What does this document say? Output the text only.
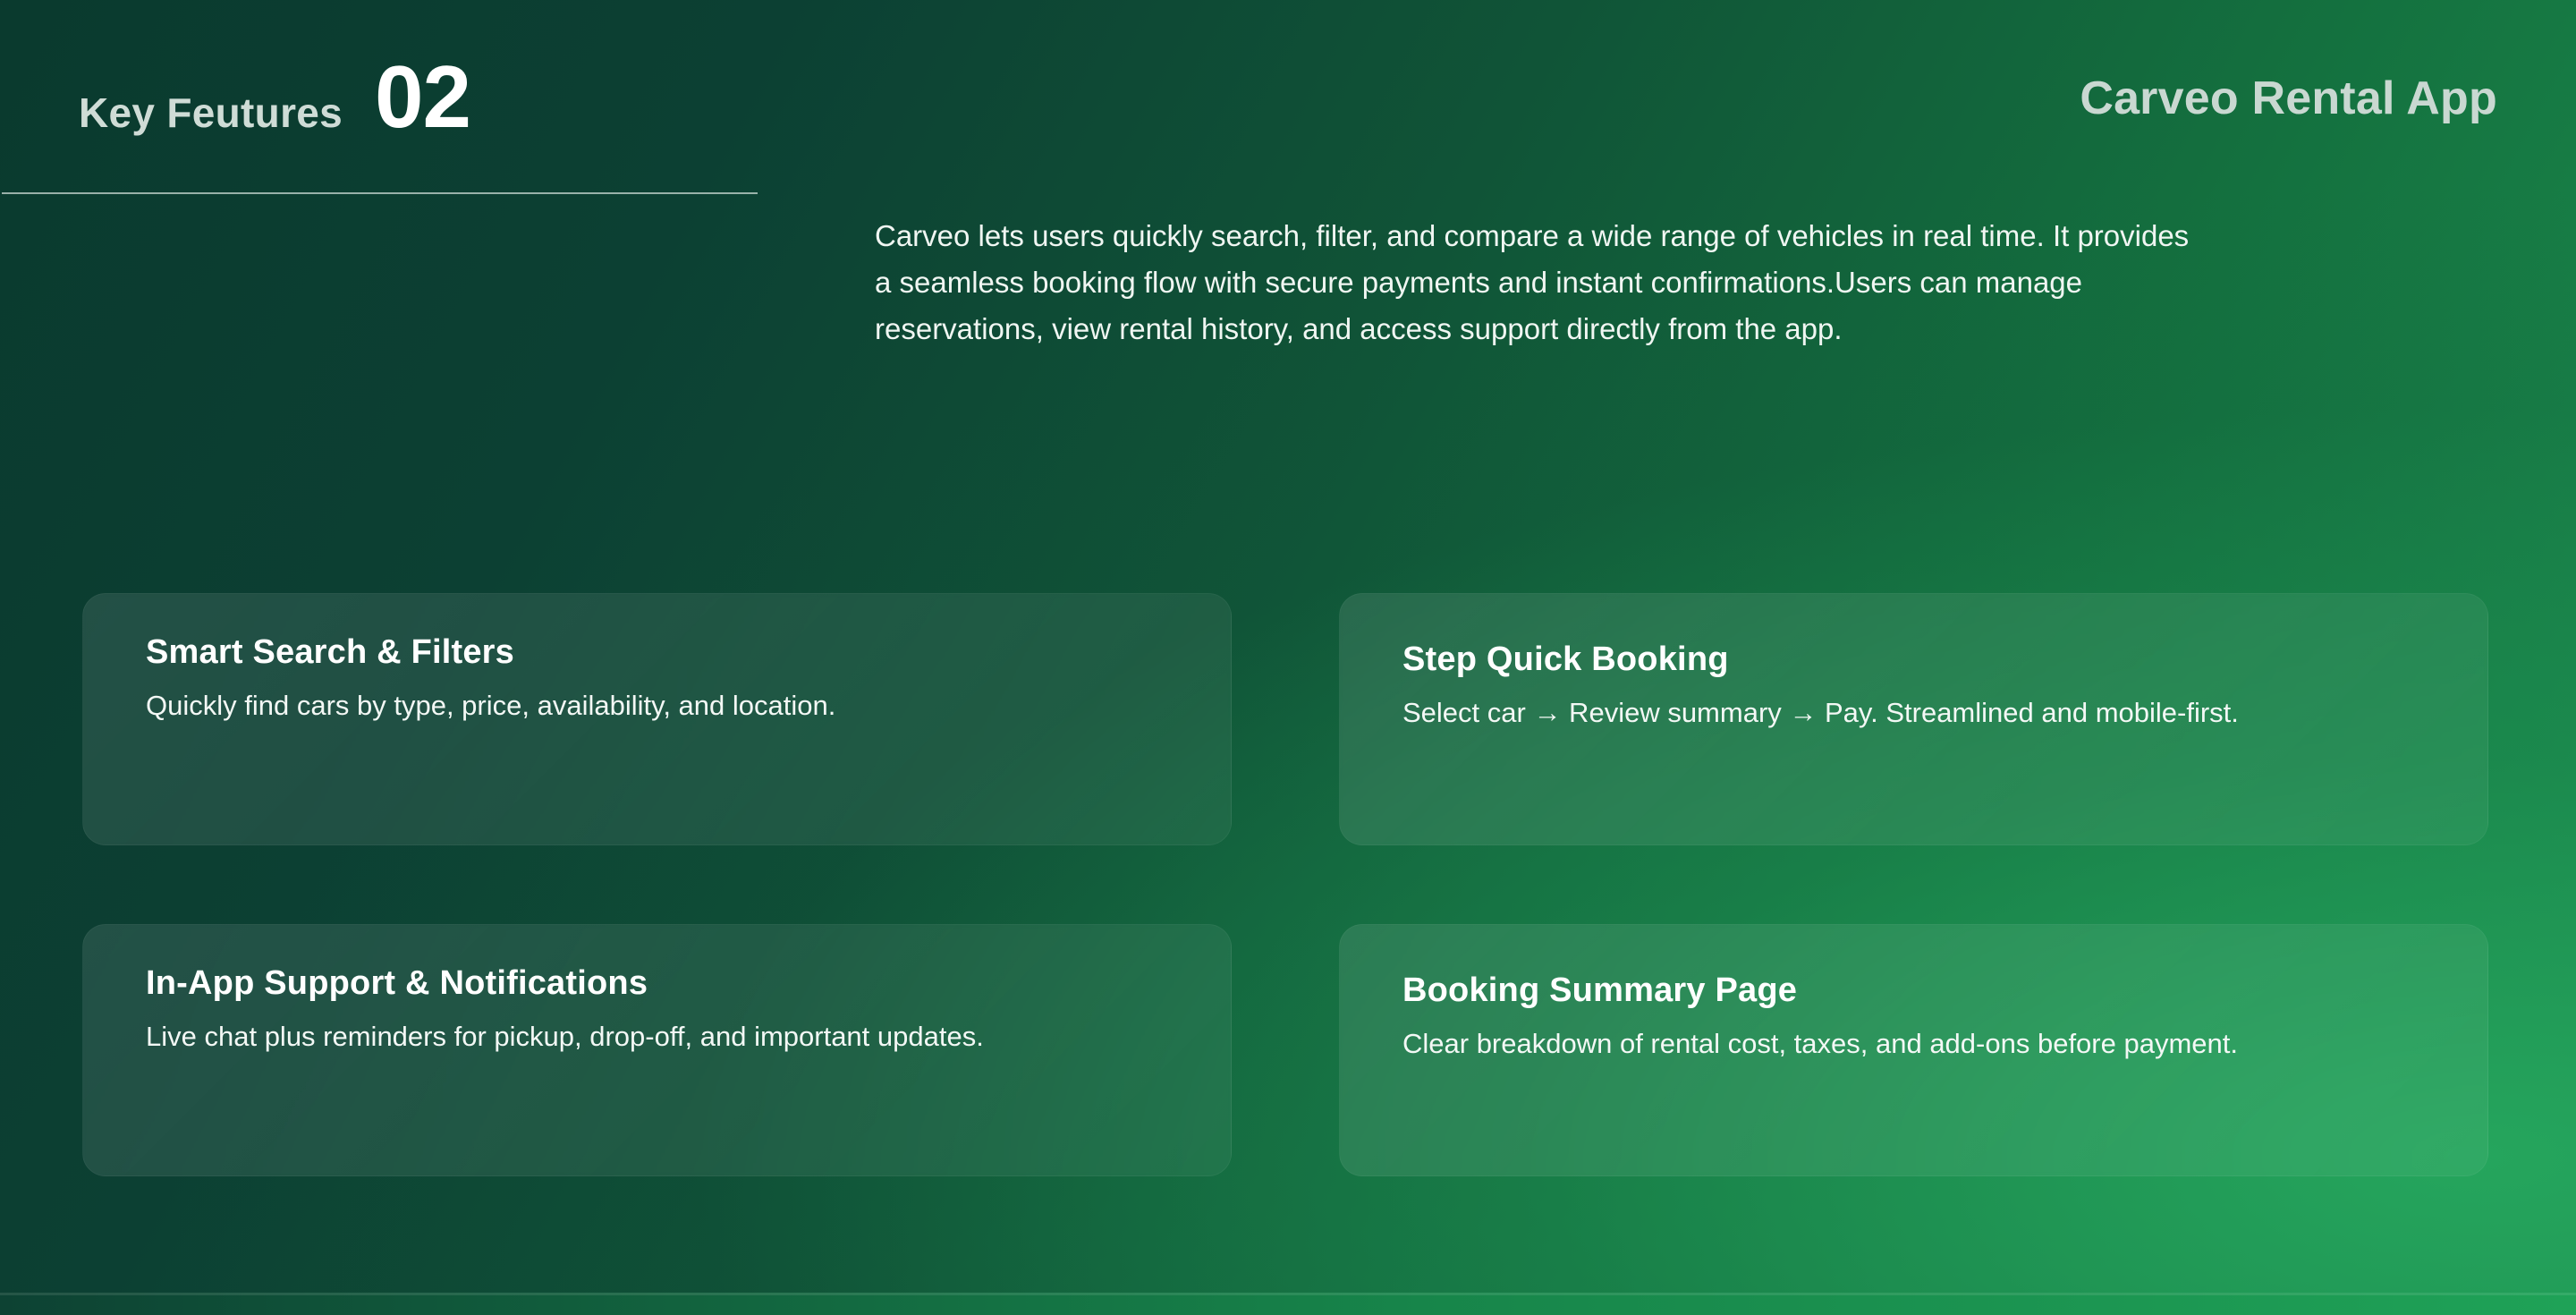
Key Feutures 02	Carveo Rental App

Carveo lets users quickly search, filter, and compare a wide range of vehicles in real time. It provides a seamless booking flow with secure payments and instant confirmations.Users can manage reservations, view rental history, and access support directly from the app.

Smart Search & Filters

Quickly find cars by type, price, availability, and location.

Step Quick Booking

Select car → Review summary → Pay. Streamlined and mobile-first.

In-App Support & Notifications

Live chat plus reminders for pickup, drop-off, and important updates.

Booking Summary Page

Clear breakdown of rental cost, taxes, and add-ons before payment.
